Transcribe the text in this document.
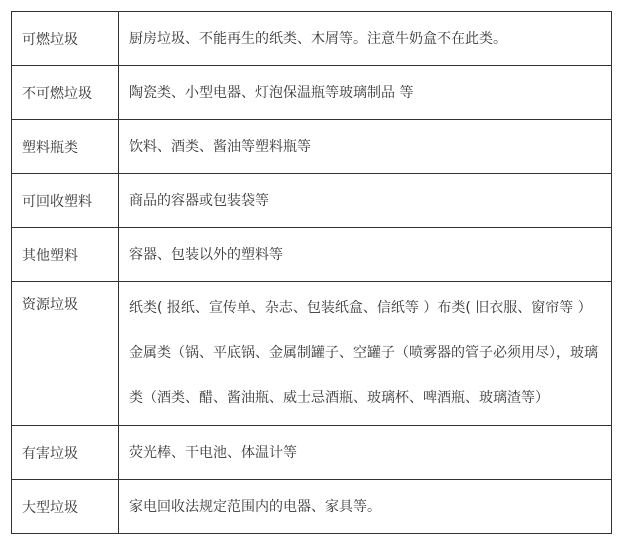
可燃垃圾	厨房垃圾、不能再生的纸类、木屑等。注意牛奶盒不在此类。
不可燃垃圾	陶瓷类、小型电器、灯泡保温瓶等玻璃制品 等
塑料瓶类	饮料、酒类、酱油等塑料瓶等
可回收塑料	商品的容器或包装袋等
其他塑料	容器、包装以外的塑料等
资源垃圾	纸类( 报纸、宣传单、杂志、包装纸盒、信纸等 ）布类( 旧衣服、窗帘等 ）金属类（锅、平底锅、金属制罐子、空罐子（喷雾器的管子必须用尽），玻璃类（酒类、醋、酱油瓶、威士忌酒瓶、玻璃杯、啤酒瓶、玻璃渣等）
有害垃圾	荧光棒、干电池、体温计等
大型垃圾	家电回收法规定范围内的电器、家具等。
